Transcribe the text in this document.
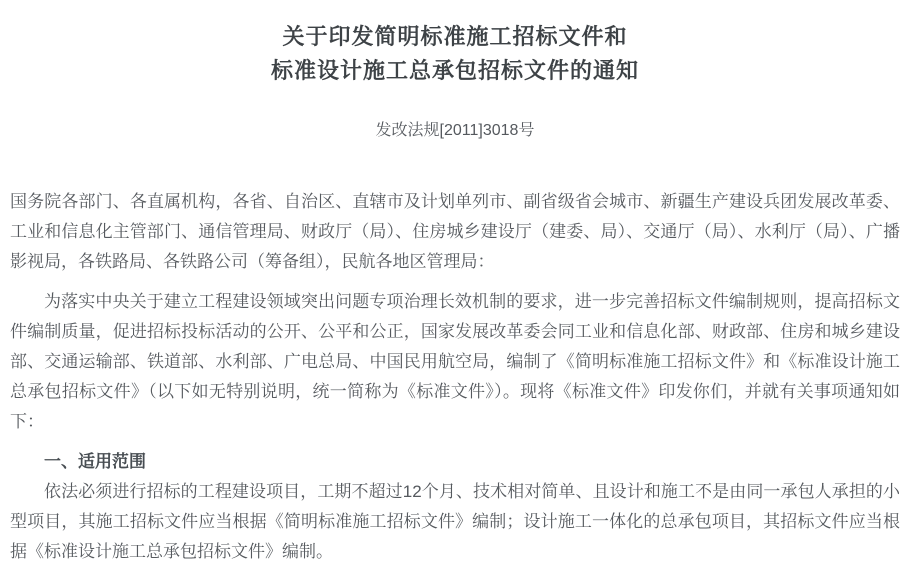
关于印发简明标准施工招标文件和
标准设计施工总承包招标文件的通知
发改法规[2011]3018号

国务院各部门、各直属机构，各省、自治区、直辖市及计划单列市、副省级省会城市、新疆生产建设兵团发展改革委、工业和信息化主管部门、通信管理局、财政厅（局）、住房城乡建设厅（建委、局）、交通厅（局）、水利厅（局）、广播影视局，各铁路局、各铁路公司（筹备组），民航各地区管理局：

为落实中央关于建立工程建设领域突出问题专项治理长效机制的要求，进一步完善招标文件编制规则，提高招标文件编制质量，促进招标投标活动的公开、公平和公正，国家发展改革委会同工业和信息化部、财政部、住房和城乡建设部、交通运输部、铁道部、水利部、广电总局、中国民用航空局，编制了《简明标准施工招标文件》和《标准设计施工总承包招标文件》（以下如无特别说明，统一简称为《标准文件》）。现将《标准文件》印发你们，并就有关事项通知如下：

一、适用范围

依法必须进行招标的工程建设项目，工期不超过12个月、技术相对简单、且设计和施工不是由同一承包人承担的小型项目，其施工招标文件应当根据《简明标准施工招标文件》编制；设计施工一体化的总承包项目，其招标文件应当根据《标准设计施工总承包招标文件》编制。
